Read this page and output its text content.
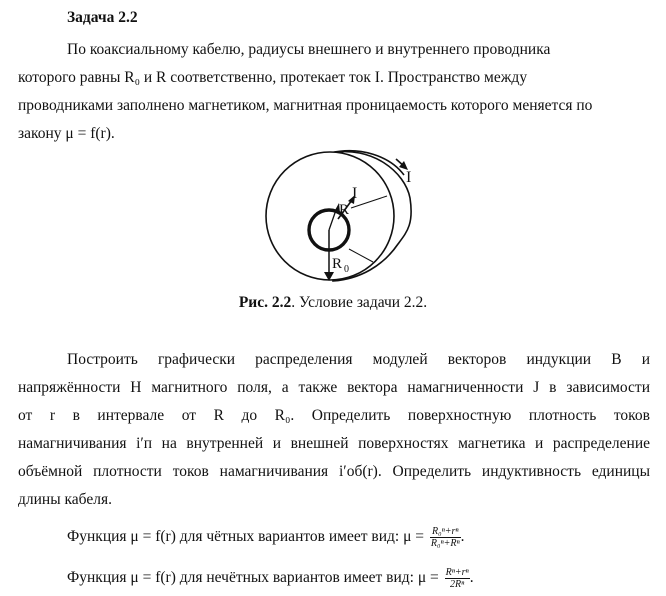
Задача 2.2
По коаксиальному кабелю, радиусы внешнего и внутреннего проводника
которого равны R₀ и R соответственно, протекает ток I. Пространство между
проводниками заполнено магнетиком, магнитная проницаемость которого меняется по
закону μ = f(r).
I
I
R
R 0
Рис. 2.2. Условие задачи 2.2.
Построить графически распределения модулей векторов индукции B и
напряжённости H магнитного поля, а также вектора намагниченности J в зависимости
от r в интервале от R до R₀. Определить поверхностную плотность токов
намагничивания i′п на внутренней и внешней поверхностях магнетика и распределение
объёмной плотности токов намагничивания i′об(r). Определить индуктивность единицы
длины кабеля.
Функция μ = f(r) для чётных вариантов имеет вид: $\mu = \frac{\text{R₀ⁿ+rⁿ}}{\text{R₀ⁿ+Rⁿ}}$ .
Функция μ = f(r) для нечётных вариантов имеет вид: $\mu = \frac{\text{Rⁿ+rⁿ}}{\text{2Rⁿ}}$ .
